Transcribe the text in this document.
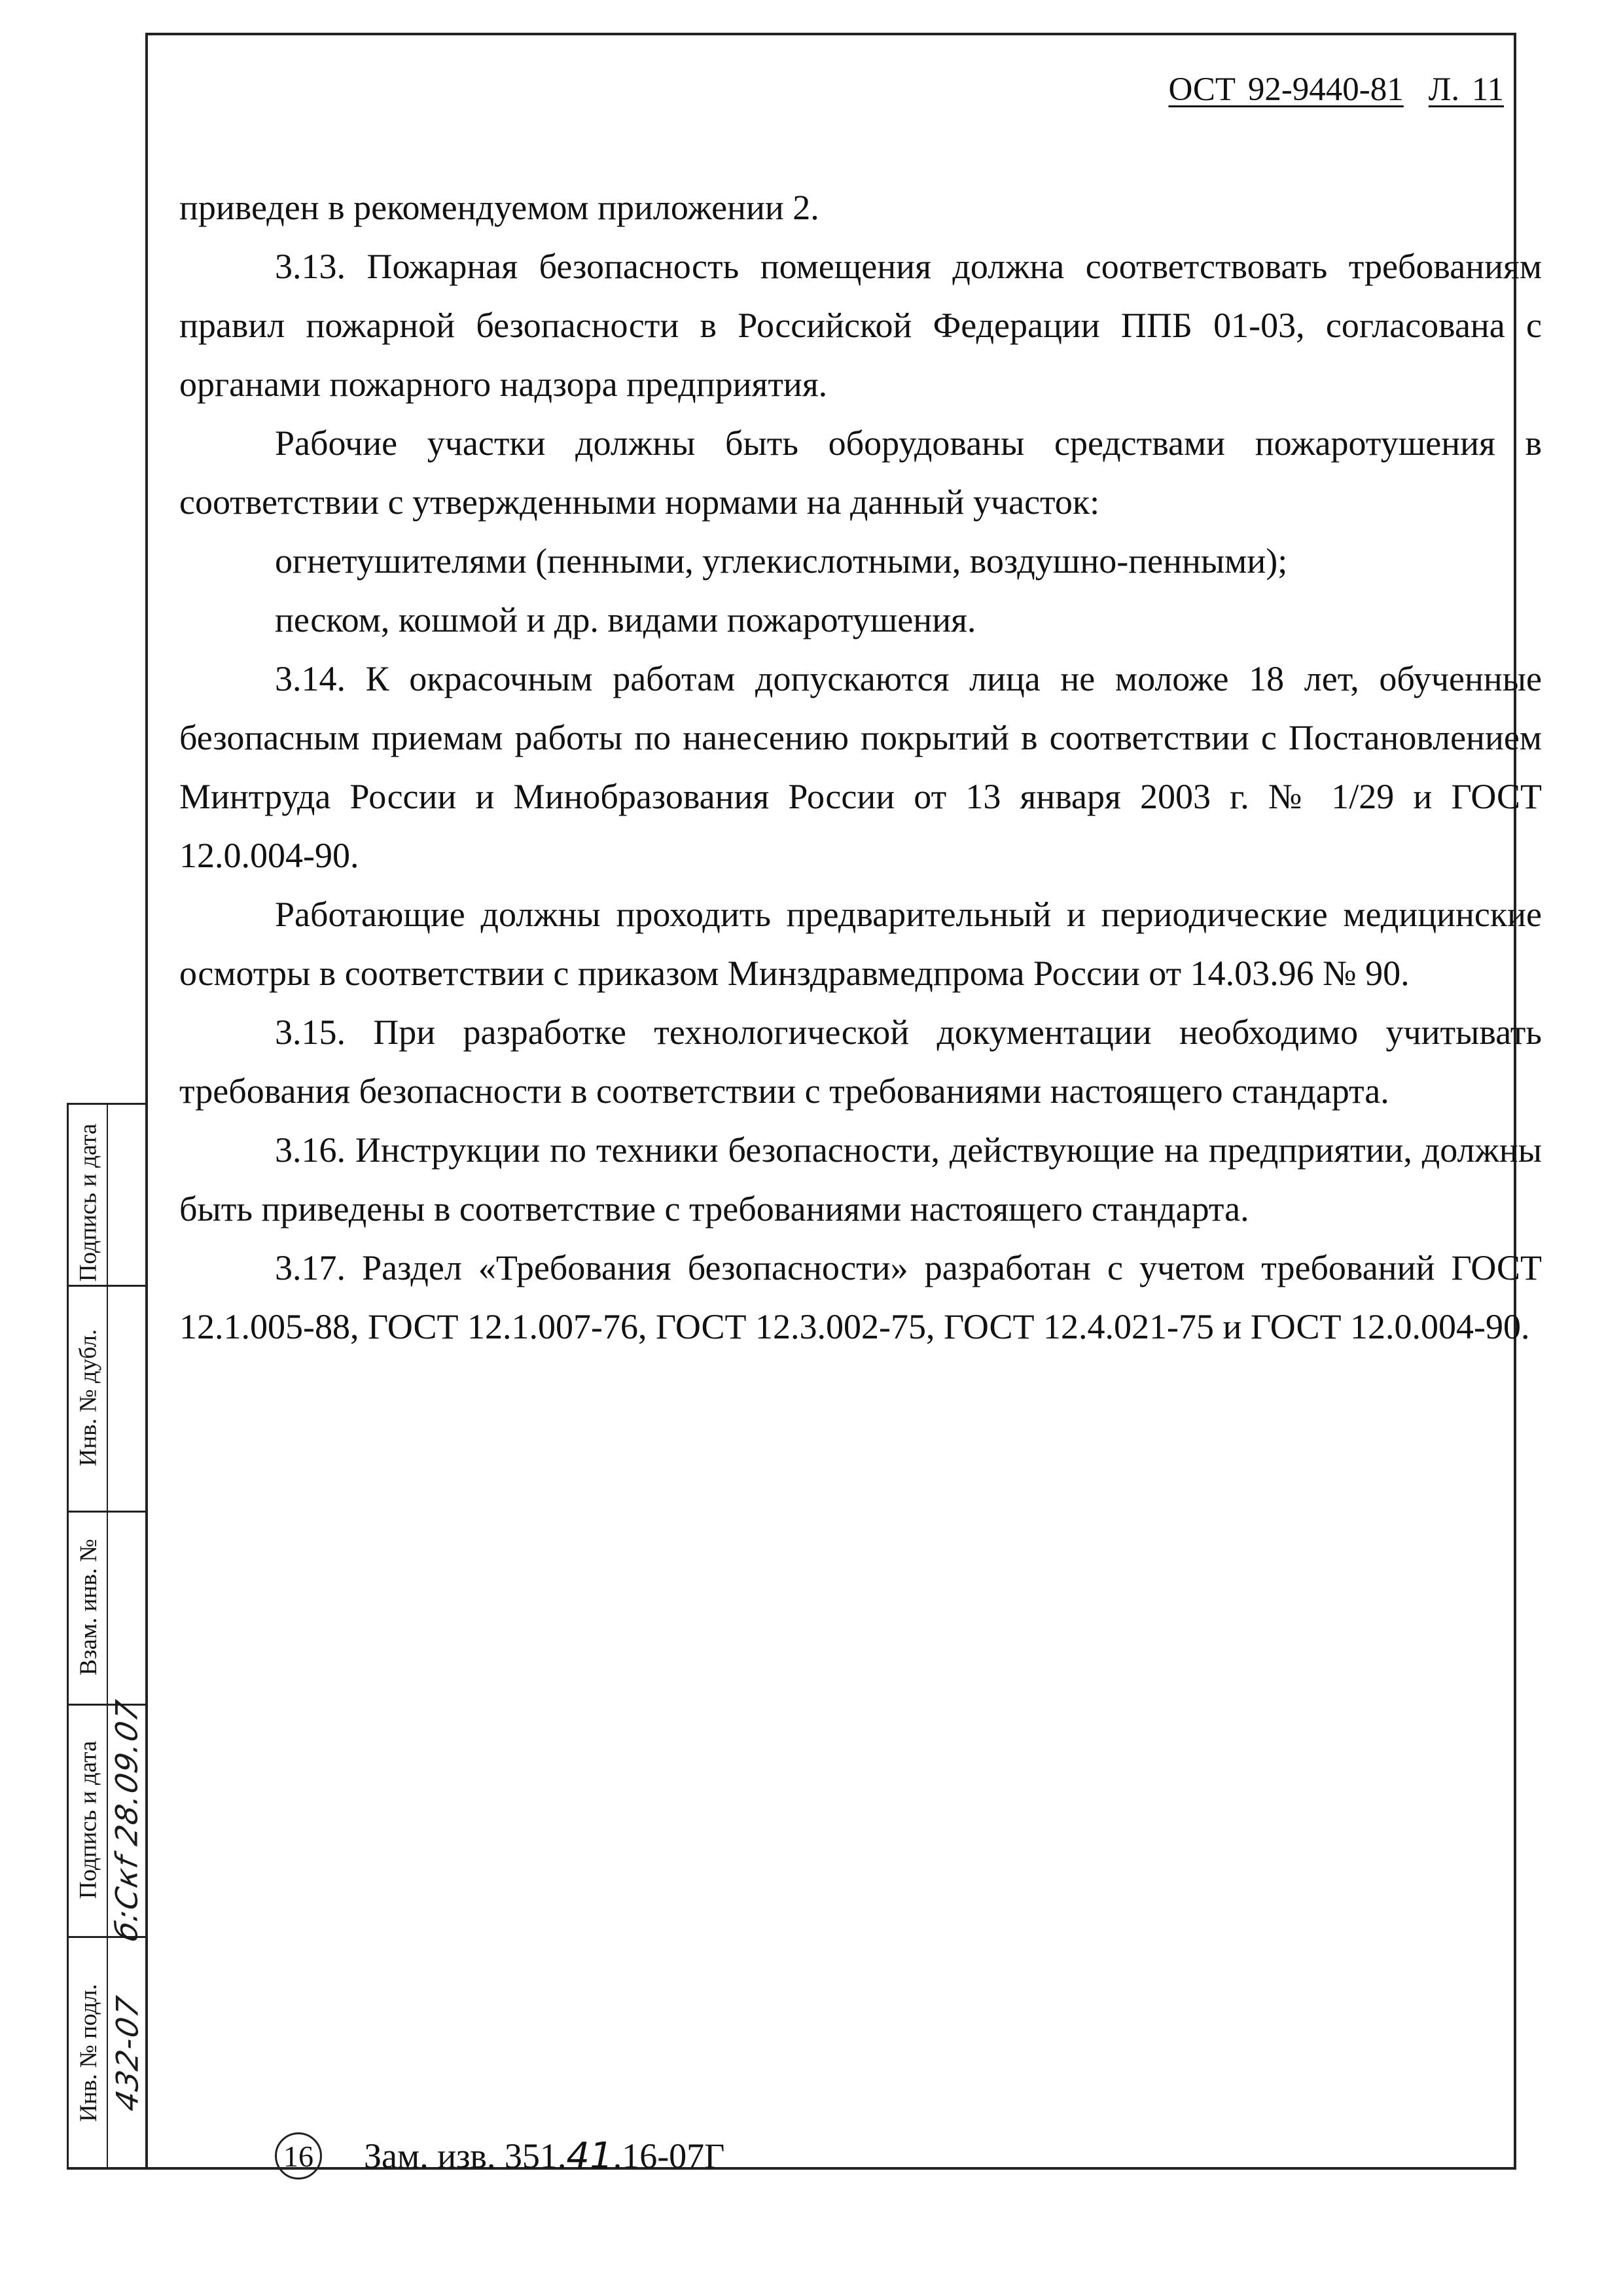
ОСТ 92-9440-81 Л. 11

приведен в рекомендуемом приложении 2.

3.13. Пожарная безопасность помещения должна соответствовать требованиям правил пожарной безопасности в Российской Федерации ППБ 01-03, согласована с органами пожарного надзора предприятия.

Рабочие участки должны быть оборудованы средствами пожаротушения в соответствии с утвержденными нормами на данный участок:

огнетушителями (пенными, углекислотными, воздушно-пенными);

песком, кошмой и др. видами пожаротушения.

3.14. К окрасочным работам допускаются лица не моложе 18 лет, обученные безопасным приемам работы по нанесению покрытий в соответствии с Постановлением Минтруда России и Минобразования России от 13 января 2003 г. № 1/29 и ГОСТ 12.0.004-90.

Работающие должны проходить предварительный и периодические медицинские осмотры в соответствии с приказом Минздравмедпрома России от 14.03.96 № 90.

3.15. При разработке технологической документации необходимо учитывать требования безопасности в соответствии с требованиями настоящего стандарта.

3.16. Инструкции по техники безопасности, действующие на предприятии, должны быть приведены в соответствие с требованиями настоящего стандарта.

3.17. Раздел «Требования безопасности» разработан с учетом требований ГОСТ 12.1.005-88, ГОСТ 12.1.007-76, ГОСТ 12.3.002-75, ГОСТ 12.4.021-75 и ГОСТ 12.0.004-90.

Подпись и дата
Инв. № дубл.
Взам. инв. №
Подпись и дата
Инв. № подл.
б:Скf 28.09.07
432-07
16 Зам. изв. 351. 41 .16-07Г
